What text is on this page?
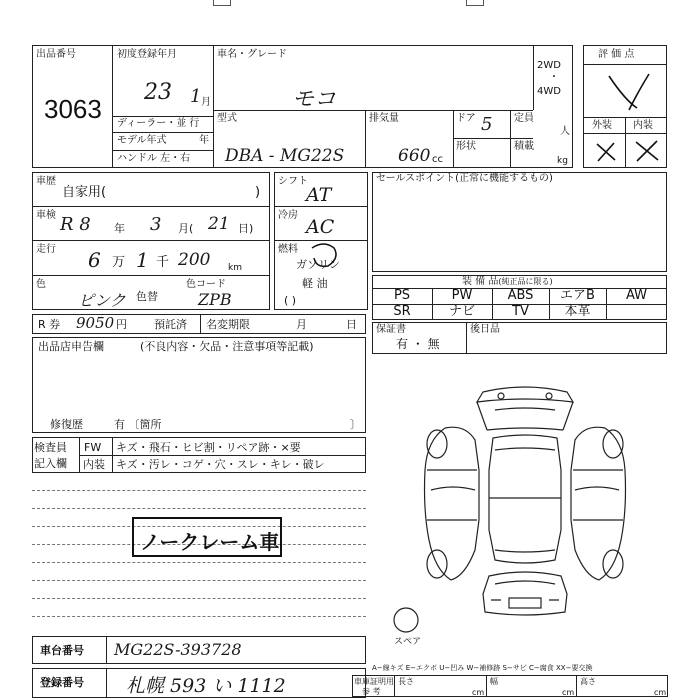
出品番号
3063
初度登録年月
23 1 月
ディーラー・並 行
モデル年式	年
ハンドル 左・右
車名・グレード
モコ
2WD
・
4WD
型式
DBA - MG22S
排気量
660 cc
ドア 5 定員
人
形状	積載
kg
評 価 点
外装 内装
車歴
自家用(	)
車検 R 8 年 3 月( 21 日)
走行 6 万 1 千 200 km
色
ピンク 色替
色コード
ZPB
シフト
AT
冷房
AC
燃料
ガソリン
軽 油
( )
セールスポイント(正常に機能するもの)
装 備 品(純正品に限る)
PS	PW	ABS	エアB	AW
SR	ナビ	TV	本革
保証書
有 ・ 無
後日品
R 券 9050 円 預託済 名変期限	月	日
出品店申告欄	(不良内容・欠品・注意事項等記載)
修復歴	有 〔箇所	〕
検査員
記入欄
FW キズ・飛石・ヒビ割・リペア跡・×要
内装 キズ・汚レ・コゲ・穴・スレ・キレ・破レ
ノークレーム車
スペア
A−線キズ E−エクボ U−凹み W−補修跡 S−サビ C−腐食 XX−要交換
車台番号 MG22S-393728
登録番号 札幌 593 い 1112	車庫証明用
参 考
長さ
cm
幅
cm
高さ
cm
